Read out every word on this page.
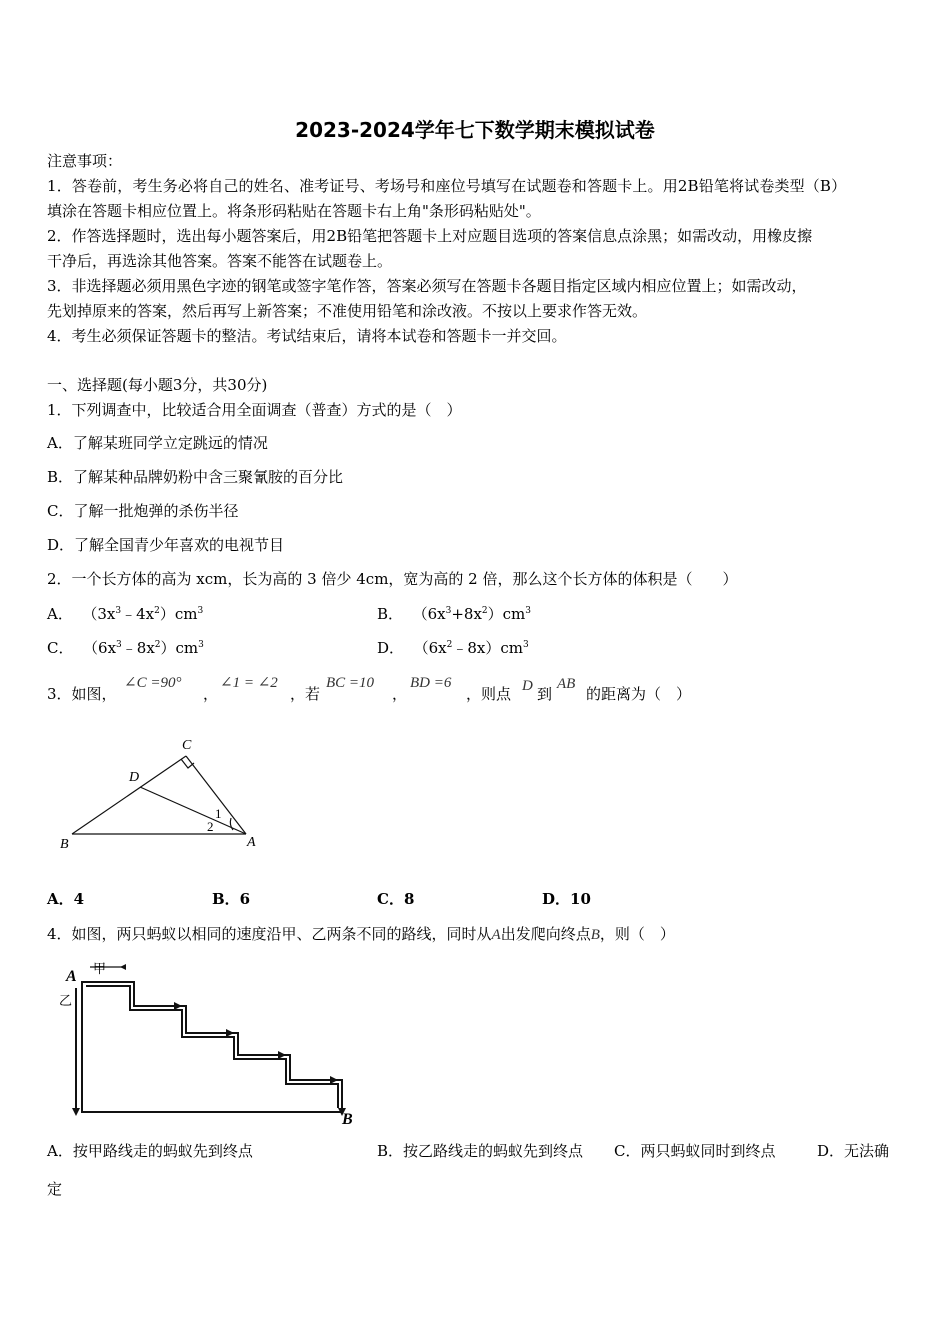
2023-2024学年七下数学期末模拟试卷
注意事项：
1．答卷前，考生务必将自己的姓名、准考证号、考场号和座位号填写在试题卷和答题卡上。用2B铅笔将试卷类型（B）
填涂在答题卡相应位置上。将条形码粘贴在答题卡右上角"条形码粘贴处"。
2．作答选择题时，选出每小题答案后，用2B铅笔把答题卡上对应题目选项的答案信息点涂黑；如需改动，用橡皮擦
干净后，再选涂其他答案。答案不能答在试题卷上。
3．非选择题必须用黑色字迹的钢笔或签字笔作答，答案必须写在答题卡各题目指定区域内相应位置上；如需改动，
先划掉原来的答案，然后再写上新答案；不准使用铅笔和涂改液。不按以上要求作答无效。
4．考生必须保证答题卡的整洁。考试结束后，请将本试卷和答题卡一并交回。
一、选择题(每小题3分，共30分)
1．下列调查中，比较适合用全面调查（普查）方式的是（　）
A．了解某班同学立定跳远的情况
B．了解某种品牌奶粉中含三聚氰胺的百分比
C．了解一批炮弹的杀伤半径
D．了解全国青少年喜欢的电视节目
2．一个长方体的高为 xcm，长为高的 3 倍少 4cm，宽为高的 2 倍，那么这个长方体的体积是（　　）
A． $(3x^3﹣4x^2)cm^3$	B． $(6x^3+8x^2)cm^3$
C． $(6x^3﹣8x^2)cm^3$	D． $(6x^2﹣8x)cm^3$
3．如图，
∠C =90°
，
∠1 = ∠2
，若
BC =10
，
BD =6
，则点 D 到
AB
的距离为（　）
C
D
B	A
1
2
A．4	B．6	C．8	D．10
4．如图，两只蚂蚁以相同的速度沿甲、乙两条不同的路线，同时从A出发爬向终点B，则（　）
A 甲
乙
B
A．按甲路线走的蚂蚁先到终点	B．按乙路线走的蚂蚁先到终点 C．两只蚂蚁同时到终点	D．无法确
定
